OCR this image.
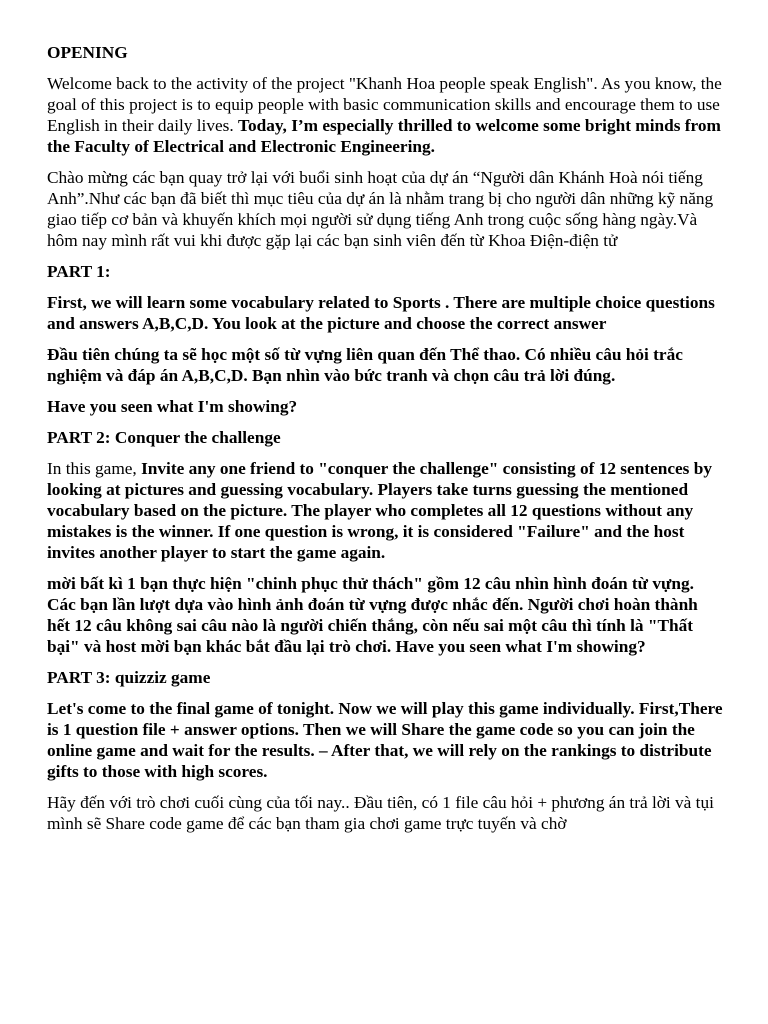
OPENING

Welcome back to the activity of the project "Khanh Hoa people speak English". As you know, the goal of this project is to equip people with basic communication skills and encourage them to use English in their daily lives. Today, I’m especially thrilled to welcome some bright minds from the Faculty of Electrical and Electronic Engineering.

Chào mừng các bạn quay trở lại với buổi sinh hoạt của dự án “Người dân Khánh Hoà nói tiếng Anh”.Như các bạn đã biết thì mục tiêu của dự án là nhằm trang bị cho người dân những kỹ năng giao tiếp cơ bản và khuyến khích mọi người sử dụng tiếng Anh trong cuộc sống hàng ngày.Và hôm nay mình rất vui khi được gặp lại các bạn sinh viên đến từ Khoa Điện-điện tử

PART 1:

First, we will learn some vocabulary related to Sports . There are multiple choice questions and answers A,B,C,D. You look at the picture and choose the correct answer

Đầu tiên chúng ta sẽ học một số từ vựng liên quan đến Thể thao. Có nhiều câu hỏi trắc nghiệm và đáp án A,B,C,D. Bạn nhìn vào bức tranh và chọn câu trả lời đúng.

Have you seen what I'm showing?

PART 2: Conquer the challenge

In this game, Invite any one friend to "conquer the challenge" consisting of 12 sentences by looking at pictures and guessing vocabulary. Players take turns guessing the mentioned vocabulary based on the picture. The player who completes all 12 questions without any mistakes is the winner. If one question is wrong, it is considered "Failure" and the host invites another player to start the game again.

mời bất kì 1 bạn thực hiện "chinh phục thử thách" gồm 12 câu nhìn hình đoán từ vựng. Các bạn lần lượt dựa vào hình ảnh đoán từ vựng được nhắc đến. Người chơi hoàn thành hết 12 câu không sai câu nào là người chiến thắng, còn nếu sai một câu thì tính là "Thất bại" và host mời bạn khác bắt đầu lại trò chơi. Have you seen what I'm showing?

PART 3: quizziz game

Let's come to the final game of tonight. Now we will play this game individually. First,There is 1 question file + answer options. Then we will Share the game code so you can join the online game and wait for the results. – After that, we will rely on the rankings to distribute gifts to those with high scores.

Hãy đến với trò chơi cuối cùng của tối nay.. Đầu tiên, có 1 file câu hỏi + phương án trả lời và tụi mình sẽ Share code game để các bạn tham gia chơi game trực tuyến và chờ
